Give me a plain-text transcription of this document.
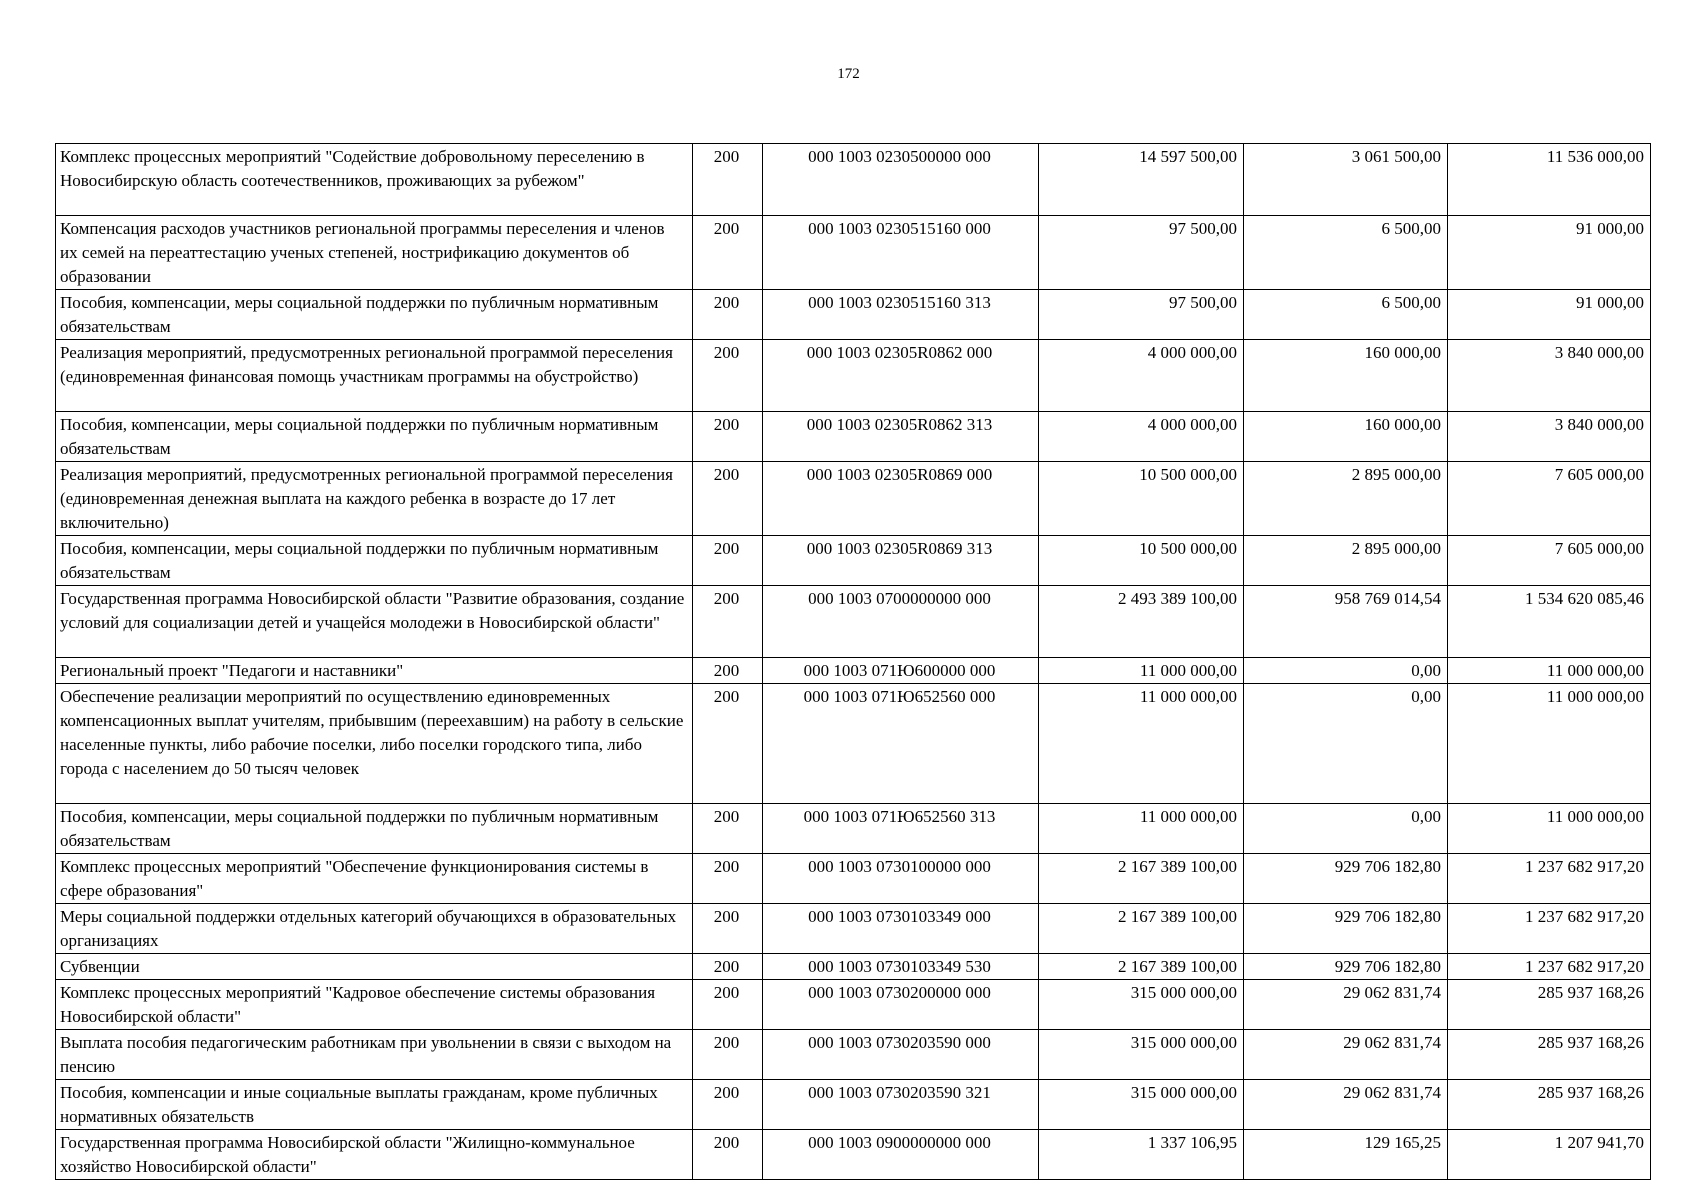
172
Комплекс процессных мероприятий "Содействие добровольному переселению в Новосибирскую область соотечественников, проживающих за рубежом"	200	000 1003 0230500000 000	14 597 500,00	3 061 500,00	11 536 000,00
Компенсация расходов участников региональной программы переселения и членов их семей на переаттестацию ученых степеней, нострификацию документов об образовании	200	000 1003 0230515160 000	97 500,00	6 500,00	91 000,00
Пособия, компенсации, меры социальной поддержки по публичным нормативным обязательствам	200	000 1003 0230515160 313	97 500,00	6 500,00	91 000,00
Реализация мероприятий, предусмотренных региональной программой переселения (единовременная финансовая помощь участникам программы на обустройство)	200	000 1003 02305R0862 000	4 000 000,00	160 000,00	3 840 000,00
Пособия, компенсации, меры социальной поддержки по публичным нормативным обязательствам	200	000 1003 02305R0862 313	4 000 000,00	160 000,00	3 840 000,00
Реализация мероприятий, предусмотренных региональной программой переселения (единовременная денежная выплата на каждого ребенка в возрасте до 17 лет включительно)	200	000 1003 02305R0869 000	10 500 000,00	2 895 000,00	7 605 000,00
Пособия, компенсации, меры социальной поддержки по публичным нормативным обязательствам	200	000 1003 02305R0869 313	10 500 000,00	2 895 000,00	7 605 000,00
Государственная программа Новосибирской области "Развитие образования, создание условий для социализации детей и учащейся молодежи в Новосибирской области"	200	000 1003 0700000000 000	2 493 389 100,00	958 769 014,54	1 534 620 085,46
Региональный проект "Педагоги и наставники"	200	000 1003 071Ю600000 000	11 000 000,00	0,00	11 000 000,00
Обеспечение реализации мероприятий по осуществлению единовременных компенсационных выплат учителям, прибывшим (переехавшим) на работу в сельские населенные пункты, либо рабочие поселки, либо поселки городского типа, либо города с населением до 50 тысяч человек	200	000 1003 071Ю652560 000	11 000 000,00	0,00	11 000 000,00
Пособия, компенсации, меры социальной поддержки по публичным нормативным обязательствам	200	000 1003 071Ю652560 313	11 000 000,00	0,00	11 000 000,00
Комплекс процессных мероприятий "Обеспечение функционирования системы в сфере образования"	200	000 1003 0730100000 000	2 167 389 100,00	929 706 182,80	1 237 682 917,20
Меры социальной поддержки отдельных категорий обучающихся в образовательных организациях	200	000 1003 0730103349 000	2 167 389 100,00	929 706 182,80	1 237 682 917,20
Субвенции	200	000 1003 0730103349 530	2 167 389 100,00	929 706 182,80	1 237 682 917,20
Комплекс процессных мероприятий "Кадровое обеспечение системы образования Новосибирской области"	200	000 1003 0730200000 000	315 000 000,00	29 062 831,74	285 937 168,26
Выплата пособия педагогическим работникам при увольнении в связи с выходом на пенсию	200	000 1003 0730203590 000	315 000 000,00	29 062 831,74	285 937 168,26
Пособия, компенсации и иные социальные выплаты гражданам, кроме публичных нормативных обязательств	200	000 1003 0730203590 321	315 000 000,00	29 062 831,74	285 937 168,26
Государственная программа Новосибирской области "Жилищно-коммунальное хозяйство Новосибирской области"	200	000 1003 0900000000 000	1 337 106,95	129 165,25	1 207 941,70
